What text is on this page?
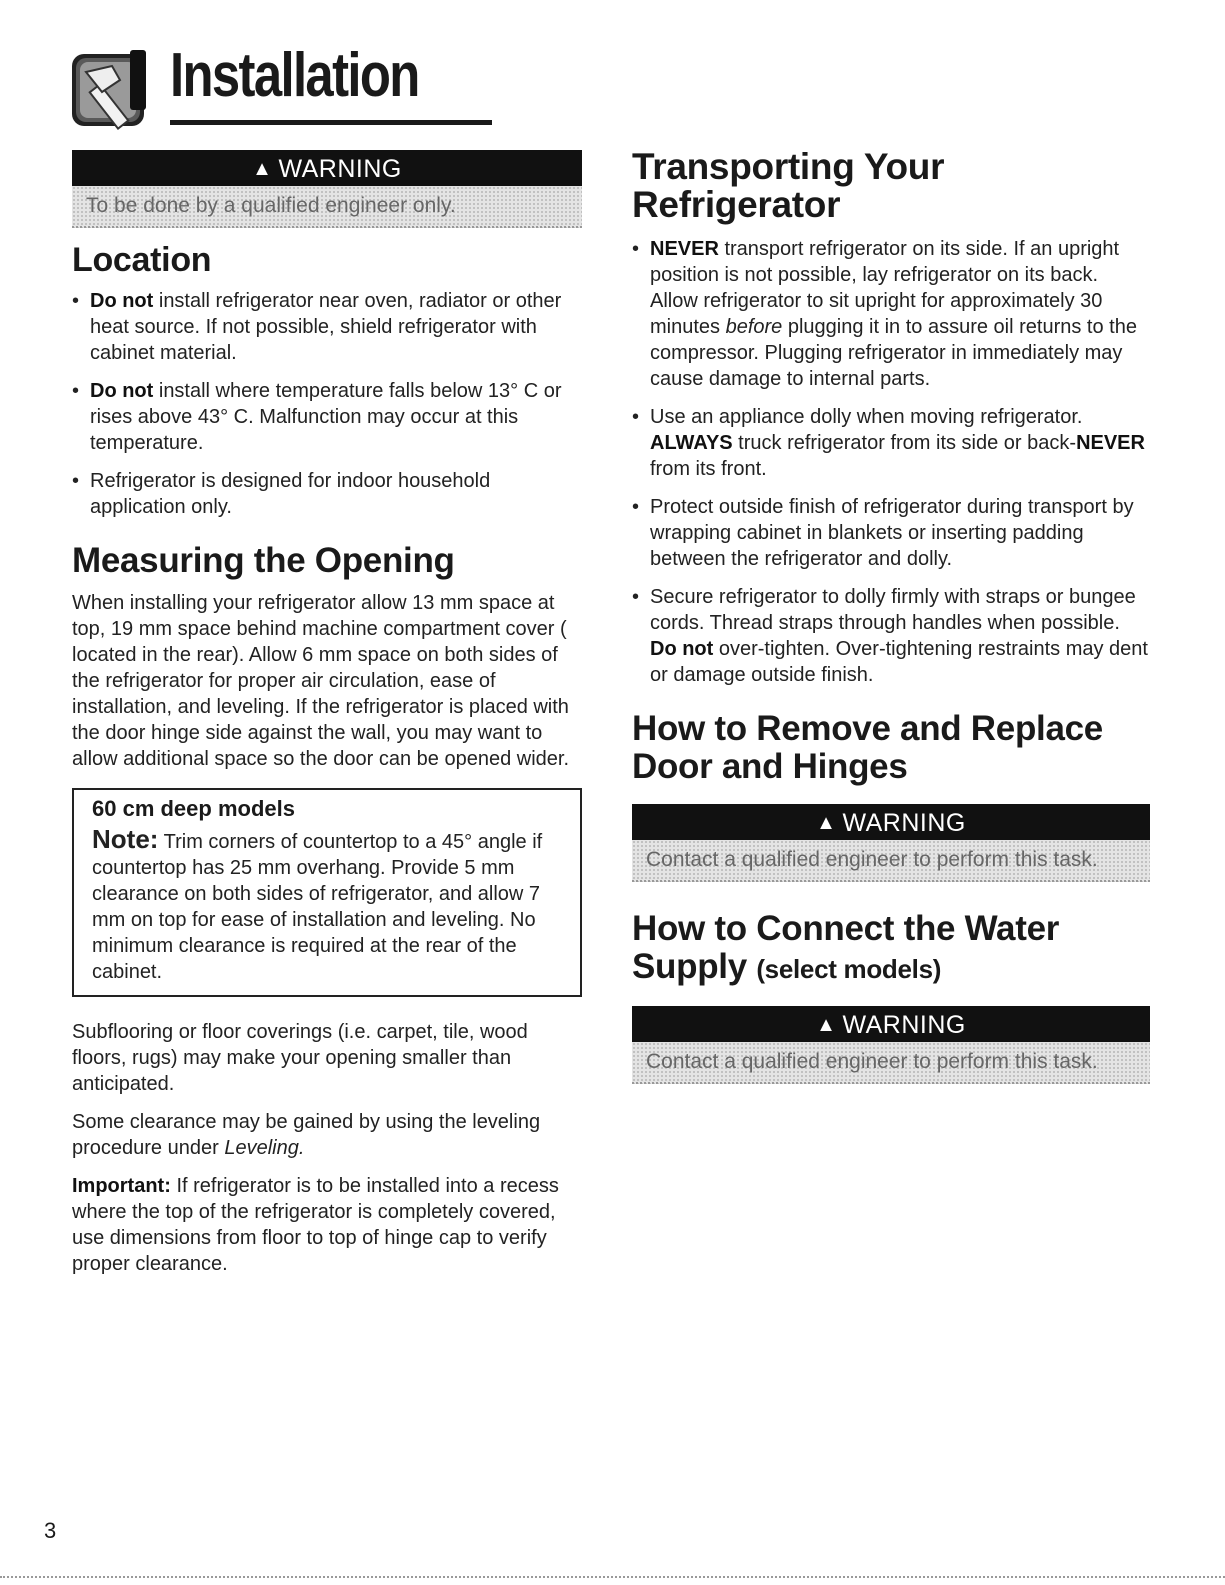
Installation
▲ WARNING
To be done by a qualified engineer only.
Location
• Do not install refrigerator near oven, radiator or other heat source. If not possible, shield refrigerator with cabinet material.
• Do not install where temperature falls below 13° C or rises above 43° C. Malfunction may occur at this temperature.
• Refrigerator is designed for indoor household application only.
Measuring the Opening

When installing your refrigerator allow 13 mm space at top, 19 mm space behind machine compartment cover ( located in the rear). Allow 6 mm space on both sides of the refrigerator for proper air circulation, ease of installation, and leveling. If the refrigerator is placed with the door hinge side against the wall, you may want to allow additional space so the door can be opened wider.

60 cm deep models

Note: Trim corners of countertop to a 45° angle if countertop has 25 mm overhang. Provide 5 mm clearance on both sides of refrigerator, and allow 7 mm on top for ease of installation and leveling. No minimum clearance is required at the rear of the cabinet.

Subflooring or floor coverings (i.e. carpet, tile, wood floors, rugs) may make your opening smaller than anticipated.

Some clearance may be gained by using the leveling procedure under Leveling.

Important: If refrigerator is to be installed into a recess where the top of the refrigerator is completely covered, use dimensions from floor to top of hinge cap to verify proper clearance.

Transporting Your Refrigerator
• NEVER transport refrigerator on its side. If an upright position is not possible, lay refrigerator on its back. Allow refrigerator to sit upright for approximately 30 minutes before plugging it in to assure oil returns to the compressor. Plugging refrigerator in immediately may cause damage to internal parts.
• Use an appliance dolly when moving refrigerator. ALWAYS truck refrigerator from its side or back-NEVER from its front.
• Protect outside finish of refrigerator during transport by wrapping cabinet in blankets or inserting padding between the refrigerator and dolly.
• Secure refrigerator to dolly firmly with straps or bungee cords. Thread straps through handles when possible. Do not over-tighten. Over-tightening restraints may dent or damage outside finish.
How to Remove and Replace
Door and Hinges
▲ WARNING
Contact a qualified engineer to perform this task.
How to Connect the Water
Supply (select models)
▲ WARNING
Contact a qualified engineer to perform this task.
3
